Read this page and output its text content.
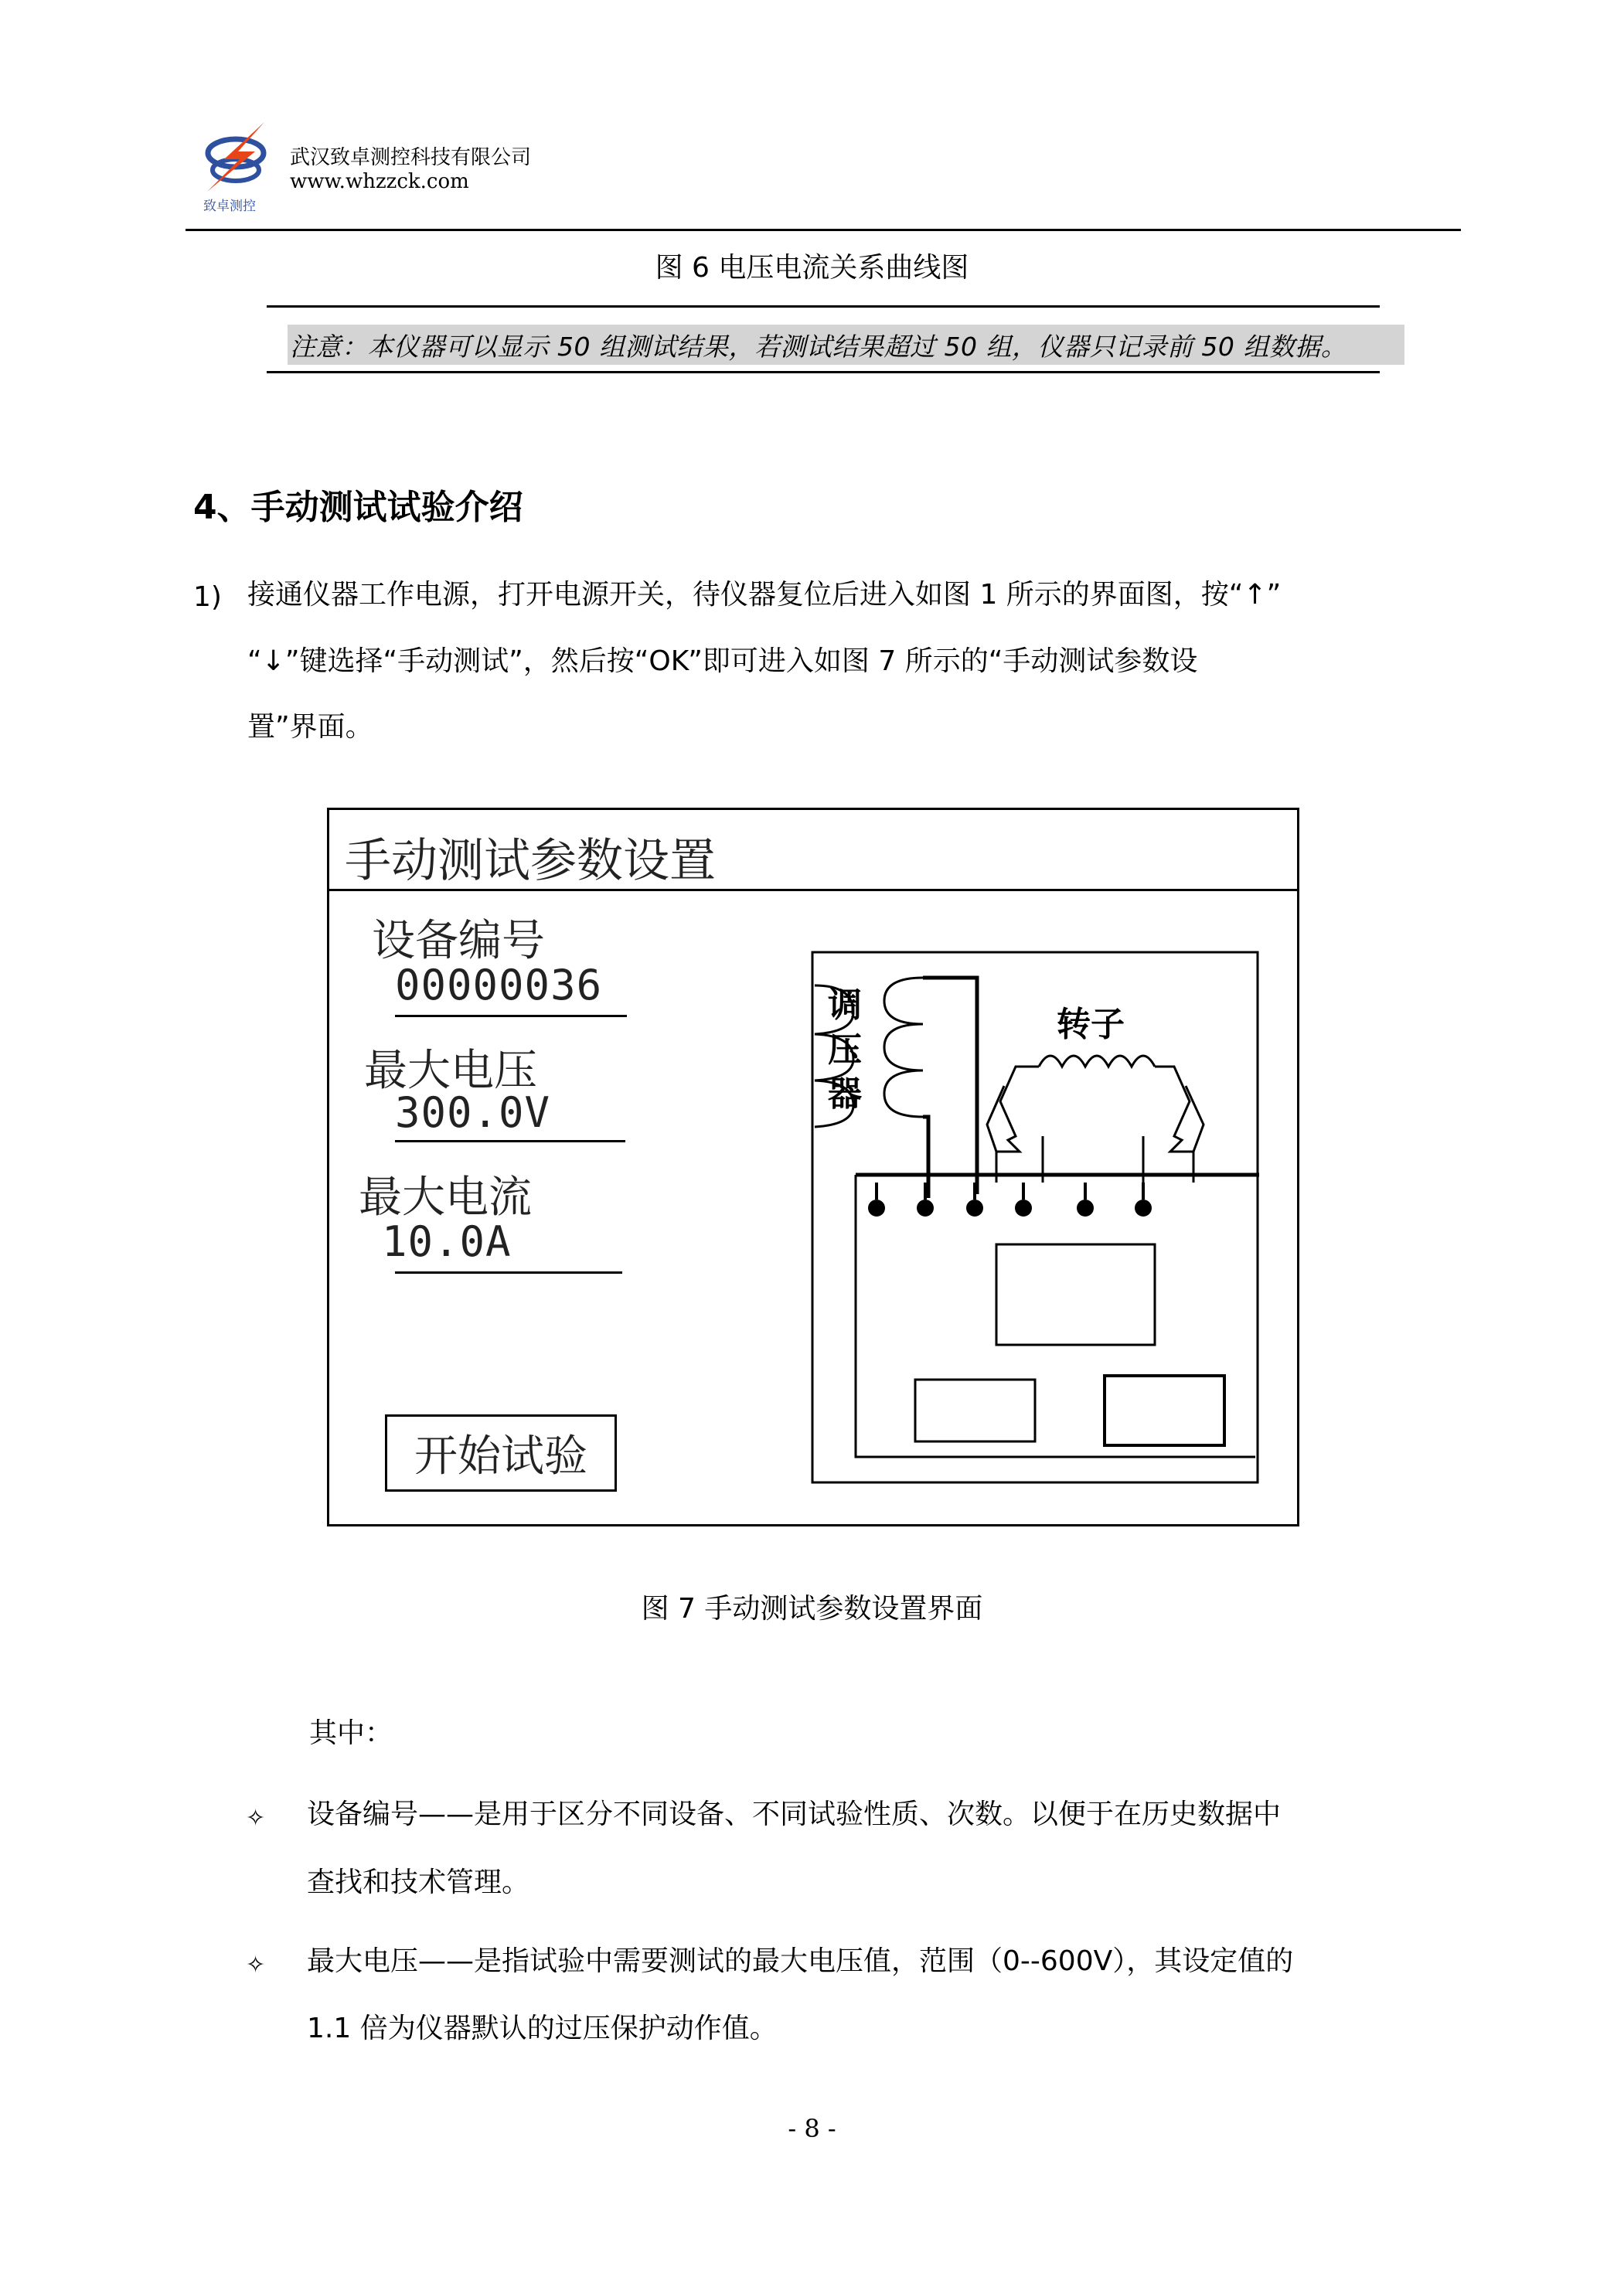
致卓测控
武汉致卓测控科技有限公司
www.whzzck.com
图 6 电压电流关系曲线图
注意：本仪器可以显示 50 组测试结果，若测试结果超过 50 组，仪器只记录前 50 组数据。
4、手动测试试验介绍
1) 接通仪器工作电源，打开电源开关，待仪器复位后进入如图 1 所示的界面图，按“↑”
“↓”键选择“手动测试”，然后按“OK”即可进入如图 7 所示的“手动测试参数设
置”界面。
手动测试参数设置
设备编号
00000036
最大电压
300.0V
最大电流
10.0A
开始试验
调
压
器
转子
图 7 手动测试参数设置界面
其中：
✧ 设备编号——是用于区分不同设备、不同试验性质、次数。以便于在历史数据中
查找和技术管理。
✧ 最大电压——是指试验中需要测试的最大电压值，范围（0--600V），其设定值的
1.1 倍为仪器默认的过压保护动作值。
- 8 -
